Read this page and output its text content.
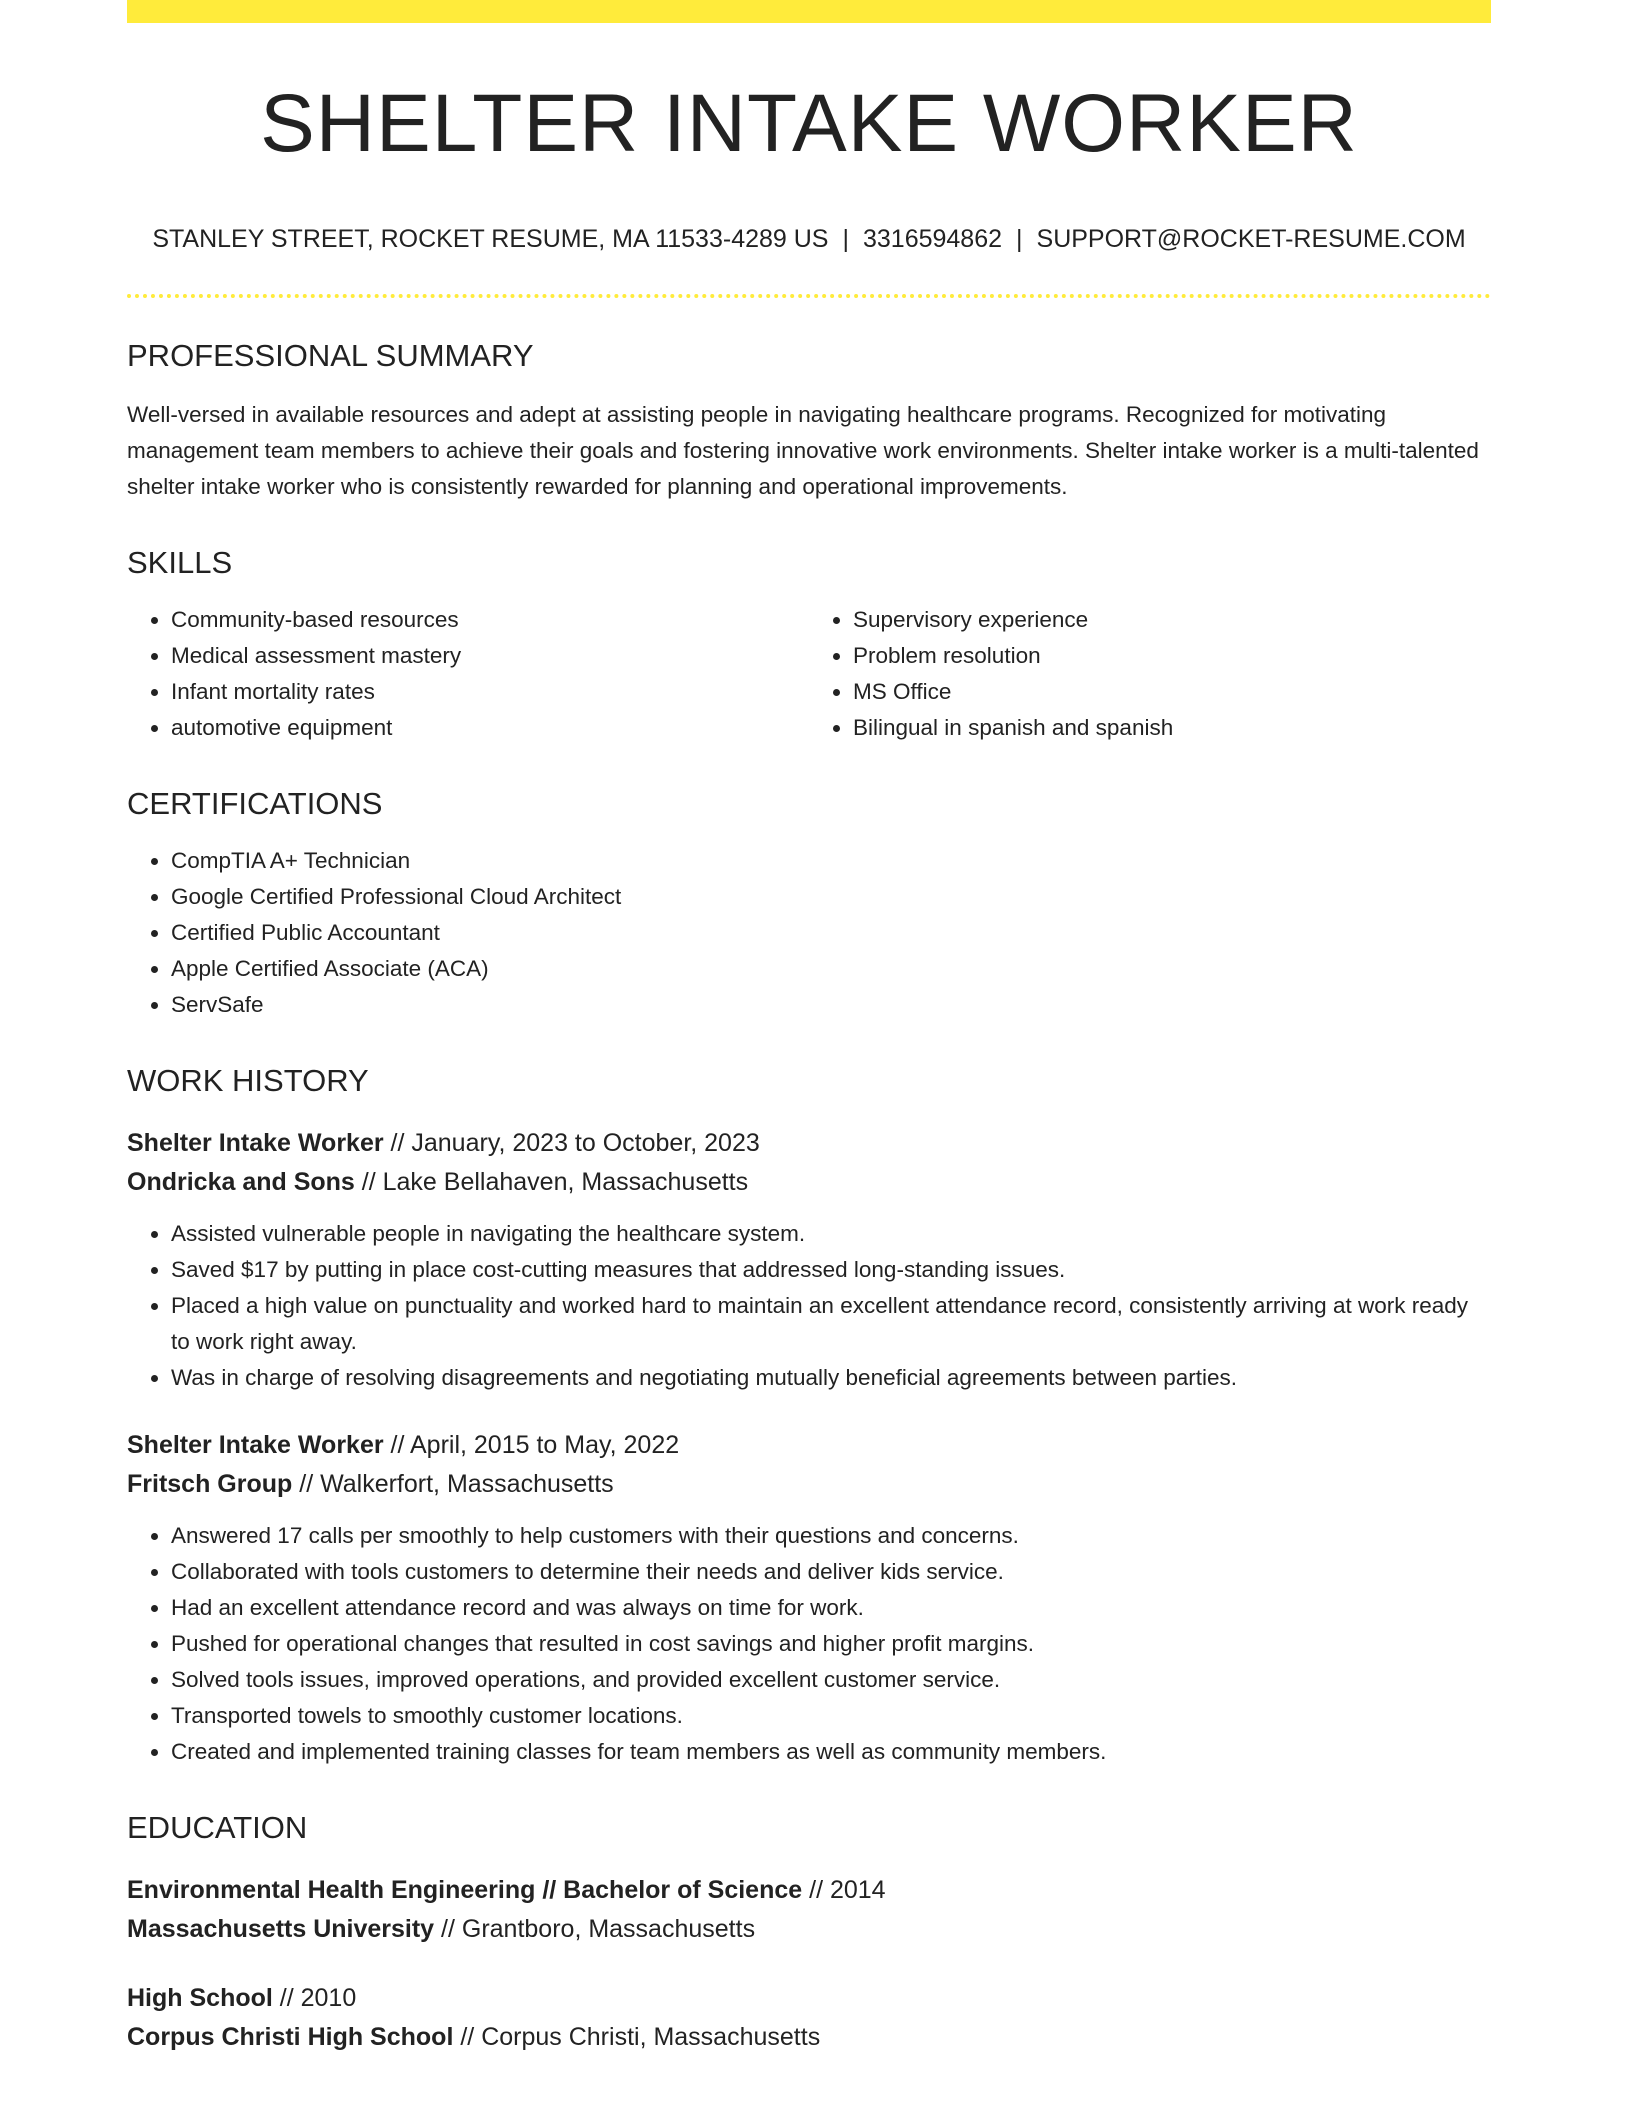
SHELTER INTAKE WORKER
STANLEY STREET, ROCKET RESUME, MA 11533-4289 US | 3316594862 | SUPPORT@ROCKET-RESUME.COM
PROFESSIONAL SUMMARY
Well-versed in available resources and adept at assisting people in navigating healthcare programs. Recognized for motivating management team members to achieve their goals and fostering innovative work environments. Shelter intake worker is a multi-talented shelter intake worker who is consistently rewarded for planning and operational improvements.
SKILLS
• Community-based resources
• Medical assessment mastery
• Infant mortality rates
• automotive equipment
• Supervisory experience
• Problem resolution
• MS Office
• Bilingual in spanish and spanish
CERTIFICATIONS
• CompTIA A+ Technician
• Google Certified Professional Cloud Architect
• Certified Public Accountant
• Apple Certified Associate (ACA)
• ServSafe
WORK HISTORY
Shelter Intake Worker // January, 2023 to October, 2023
Ondricka and Sons // Lake Bellahaven, Massachusetts
• Assisted vulnerable people in navigating the healthcare system.
• Saved $17 by putting in place cost-cutting measures that addressed long-standing issues.
• Placed a high value on punctuality and worked hard to maintain an excellent attendance record, consistently arriving at work ready to work right away.
• Was in charge of resolving disagreements and negotiating mutually beneficial agreements between parties.
Shelter Intake Worker // April, 2015 to May, 2022
Fritsch Group // Walkerfort, Massachusetts
• Answered 17 calls per smoothly to help customers with their questions and concerns.
• Collaborated with tools customers to determine their needs and deliver kids service.
• Had an excellent attendance record and was always on time for work.
• Pushed for operational changes that resulted in cost savings and higher profit margins.
• Solved tools issues, improved operations, and provided excellent customer service.
• Transported towels to smoothly customer locations.
• Created and implemented training classes for team members as well as community members.
EDUCATION
Environmental Health Engineering // Bachelor of Science // 2014
Massachusetts University // Grantboro, Massachusetts
High School // 2010
Corpus Christi High School // Corpus Christi, Massachusetts
